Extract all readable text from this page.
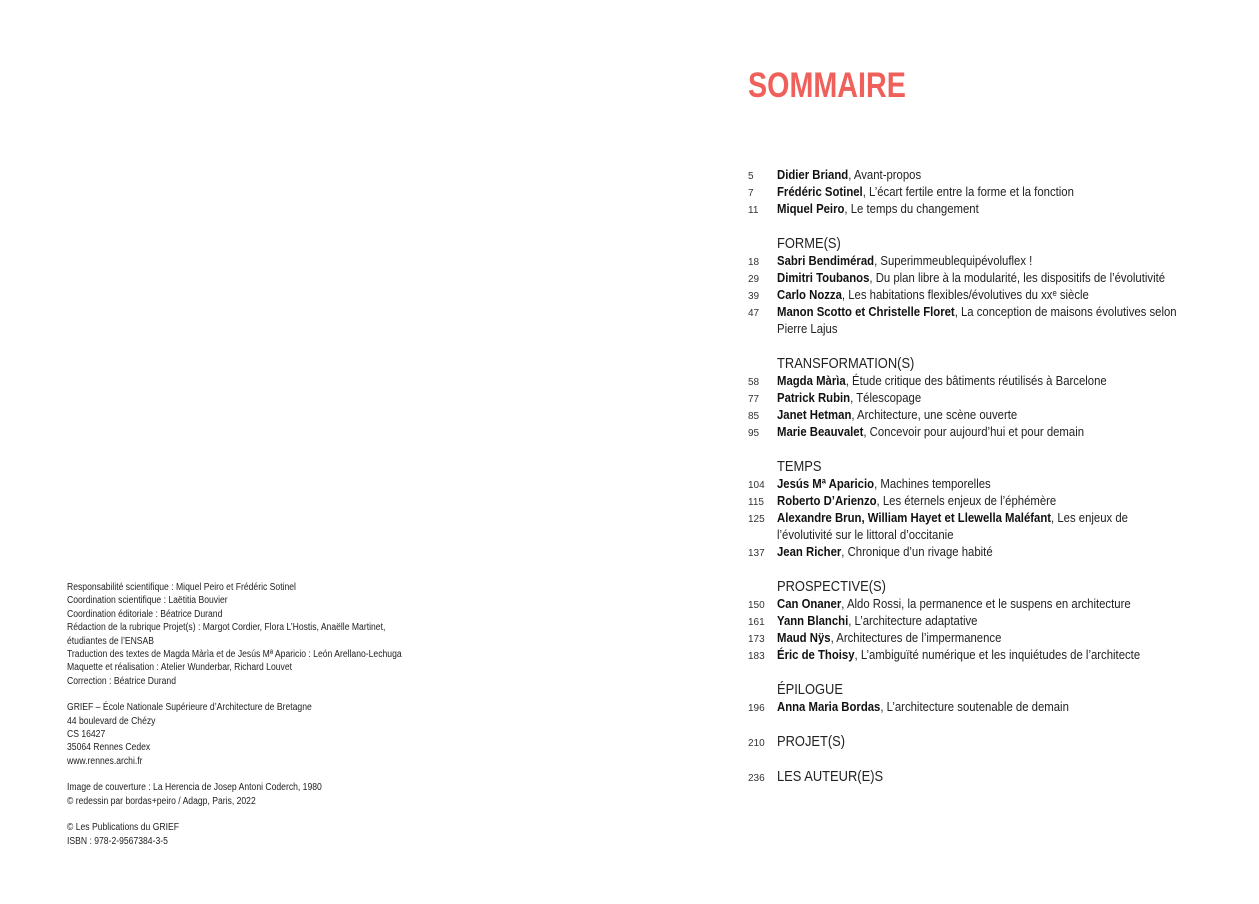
Responsabilité scientifique : Miquel Peiro et Frédéric Sotinel
Coordination scientifique : Laëtitia Bouvier
Coordination éditoriale : Béatrice Durand
Rédaction de la rubrique Projet(s) : Margot Cordier, Flora L’Hostis, Anaëlle Martinet,
étudiantes de l’ENSAB
Traduction des textes de Magda Màrìa et de Jesús Mª Aparicio : León Arellano-Lechuga
Maquette et réalisation : Atelier Wunderbar, Richard Louvet
Correction : Béatrice Durand
GRIEF – École Nationale Supérieure d’Architecture de Bretagne
44 boulevard de Chézy
CS 16427
35064 Rennes Cedex
www.rennes.archi.fr
Image de couverture : La Herencia de Josep Antoni Coderch, 1980
© redessin par bordas+peiro / Adagp, Paris, 2022
© Les Publications du GRIEF
ISBN : 978-2-9567384-3-5
SOMMAIRE
5	Didier Briand, Avant-propos
7	Frédéric Sotinel, L’écart fertile entre la forme et la fonction
11	Miquel Peiro, Le temps du changement
FORME(S)
18	Sabri Bendimérad, Superimmeublequipévoluflex !
29	Dimitri Toubanos, Du plan libre à la modularité, les dispositifs de l’évolutivité
39	Carlo Nozza, Les habitations flexibles/évolutives du xxᵉ siècle
47	Manon Scotto et Christelle Floret, La conception de maisons évolutives selon Pierre Lajus
TRANSFORMATION(S)
58	Magda Màrìa, Étude critique des bâtiments réutilisés à Barcelone
77	Patrick Rubin, Télescopage
85	Janet Hetman, Architecture, une scène ouverte
95	Marie Beauvalet, Concevoir pour aujourd’hui et pour demain
TEMPS
104 Jesús Mª Aparicio, Machines temporelles
115 Roberto D’Arienzo, Les éternels enjeux de l’éphémère
125 Alexandre Brun, William Hayet et Llewella Maléfant, Les enjeux de l’évolutivité sur le littoral d’occitanie
137 Jean Richer, Chronique d’un rivage habité
PROSPECTIVE(S)
150 Can Onaner, Aldo Rossi, la permanence et le suspens en architecture
161 Yann Blanchi, L’architecture adaptative
173 Maud Nÿs, Architectures de l’impermanence
183 Éric de Thoisy, L’ambiguïté numérique et les inquiétudes de l’architecte
ÉPILOGUE
196 Anna Maria Bordas, L’architecture soutenable de demain
210 PROJET(S)
236 LES AUTEUR(E)S
